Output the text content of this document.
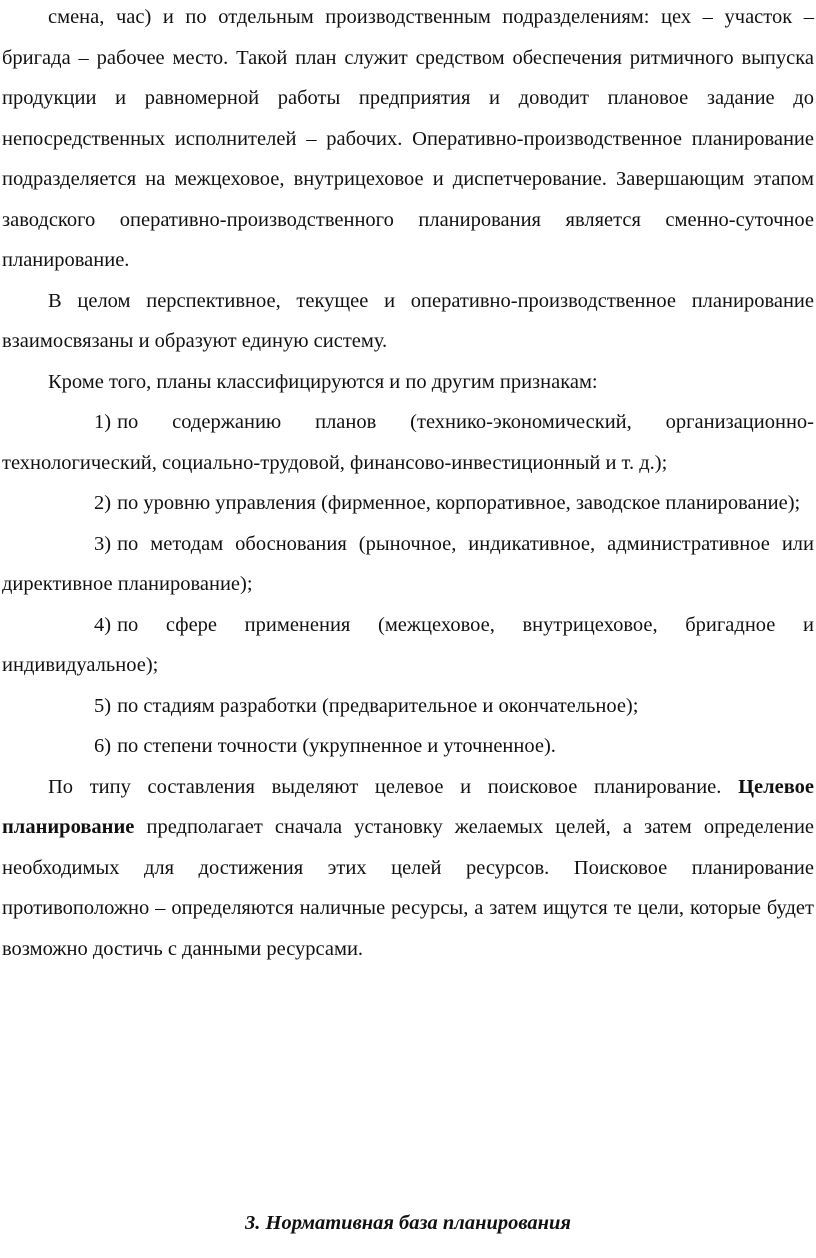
смена, час) и по отдельным производственным подразделениям: цех – участок – бригада – рабочее место. Такой план служит средством обеспечения ритмичного выпуска продукции и равномерной работы предприятия и доводит плановое задание до непосредственных исполнителей – рабочих. Оперативно-производственное планирование подразделяется на межцеховое, внутрицеховое и диспетчерование. Завершающим этапом заводского оперативно-производственного планирования является сменно-суточное планирование.

В целом перспективное, текущее и оперативно-производственное планирование взаимосвязаны и образуют единую систему.

Кроме того, планы классифицируются и по другим признакам:

1) по содержанию планов (технико-экономический, организационно-технологический, социально-трудовой, финансово-инвестиционный и т. д.);

2) по уровню управления (фирменное, корпоративное, заводское планирование);

3) по методам обоснования (рыночное, индикативное, административное или директивное планирование);

4) по сфере применения (межцеховое, внутрицеховое, бригадное и индивидуальное);

5) по стадиям разработки (предварительное и окончательное);

6) по степени точности (укрупненное и уточненное).

По типу составления выделяют целевое и поисковое планирование. Целевое планирование предполагает сначала установку желаемых целей, а затем определение необходимых для достижения этих целей ресурсов. Поисковое планирование противоположно – определяются наличные ресурсы, а затем ищутся те цели, которые будет возможно достичь с данными ресурсами.

3. Нормативная база планирования
